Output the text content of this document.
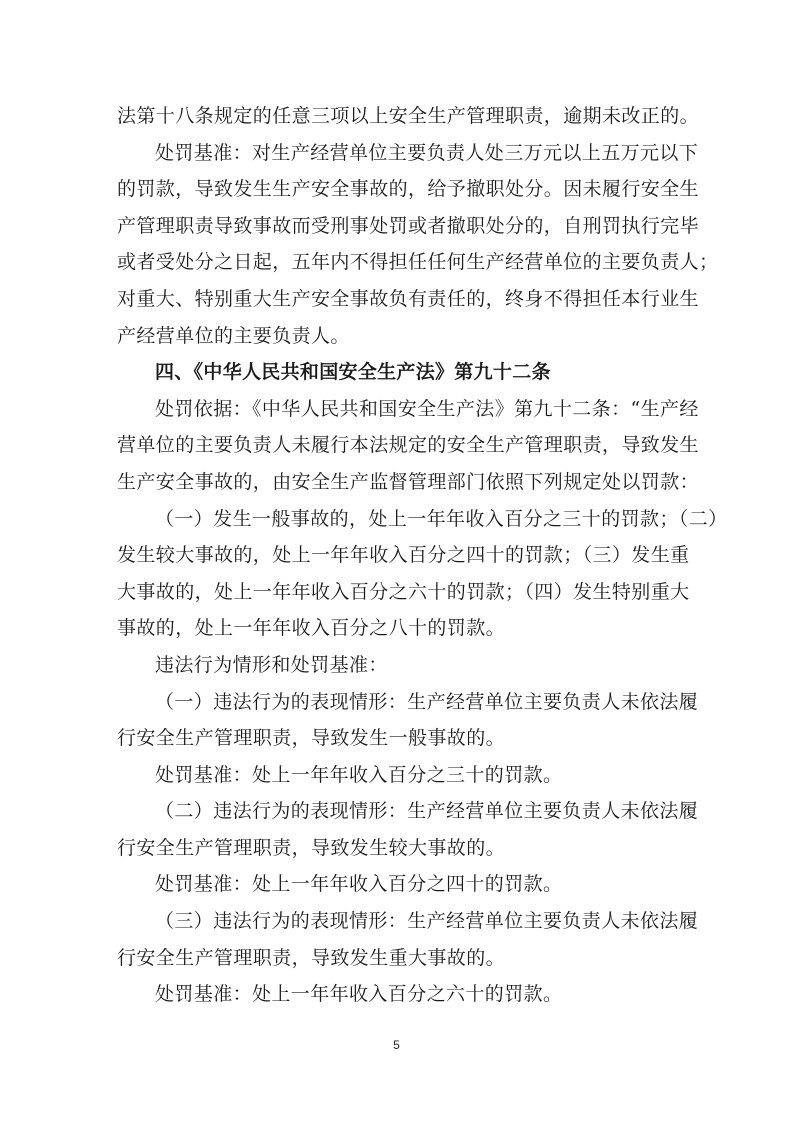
法第十八条规定的任意三项以上安全生产管理职责，逾期未改正的。
处罚基准：对生产经营单位主要负责人处三万元以上五万元以下
的罚款，导致发生生产安全事故的，给予撤职处分。因未履行安全生
产管理职责导致事故而受刑事处罚或者撤职处分的，自刑罚执行完毕
或者受处分之日起，五年内不得担任任何生产经营单位的主要负责人；
对重大、特别重大生产安全事故负有责任的，终身不得担任本行业生
产经营单位的主要负责人。
四、《中华人民共和国安全生产法》第九十二条
处罚依据：《中华人民共和国安全生产法》第九十二条：“生产经
营单位的主要负责人未履行本法规定的安全生产管理职责，导致发生
生产安全事故的，由安全生产监督管理部门依照下列规定处以罚款：
（一）发生一般事故的，处上一年年收入百分之三十的罚款；（二）
发生较大事故的，处上一年年收入百分之四十的罚款；（三）发生重
大事故的，处上一年年收入百分之六十的罚款；（四）发生特别重大
事故的，处上一年年收入百分之八十的罚款。
违法行为情形和处罚基准：
（一）违法行为的表现情形：生产经营单位主要负责人未依法履
行安全生产管理职责，导致发生一般事故的。
处罚基准：处上一年年收入百分之三十的罚款。
（二）违法行为的表现情形：生产经营单位主要负责人未依法履
行安全生产管理职责，导致发生较大事故的。
处罚基准：处上一年年收入百分之四十的罚款。
（三）违法行为的表现情形：生产经营单位主要负责人未依法履
行安全生产管理职责，导致发生重大事故的。
处罚基准：处上一年年收入百分之六十的罚款。
5
